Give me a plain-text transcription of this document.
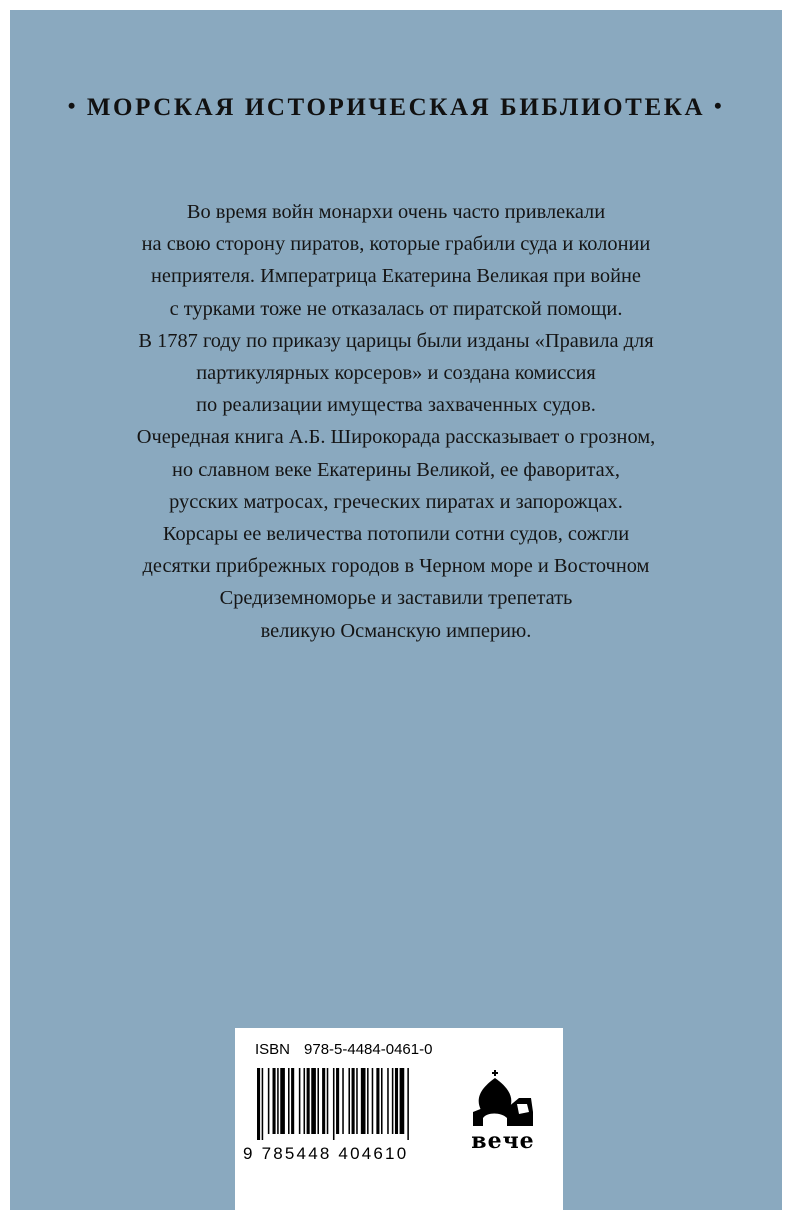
• МОРСКАЯ ИСТОРИЧЕСКАЯ БИБЛИОТЕКА •
Во время войн монархи очень часто привлекали
на свою сторону пиратов, которые грабили суда и колонии
неприятеля. Императрица Екатерина Великая при войне
с турками тоже не отказалась от пиратской помощи.
В 1787 году по приказу царицы были изданы «Правила для
партикулярных корсеров» и создана комиссия
по реализации имущества захваченных судов.
Очередная книга А.Б. Широкорада рассказывает о грозном,
но славном веке Екатерины Великой, ее фаворитах,
русских матросах, греческих пиратах и запорожцах.
Корсары ее величества потопили сотни судов, сожгли
десятки прибрежных городов в Черном море и Восточном
Средиземноморье и заставили трепетать
великую Османскую империю.
ISBN 978-5-4484-0461-0
9 785448 404610	вече
